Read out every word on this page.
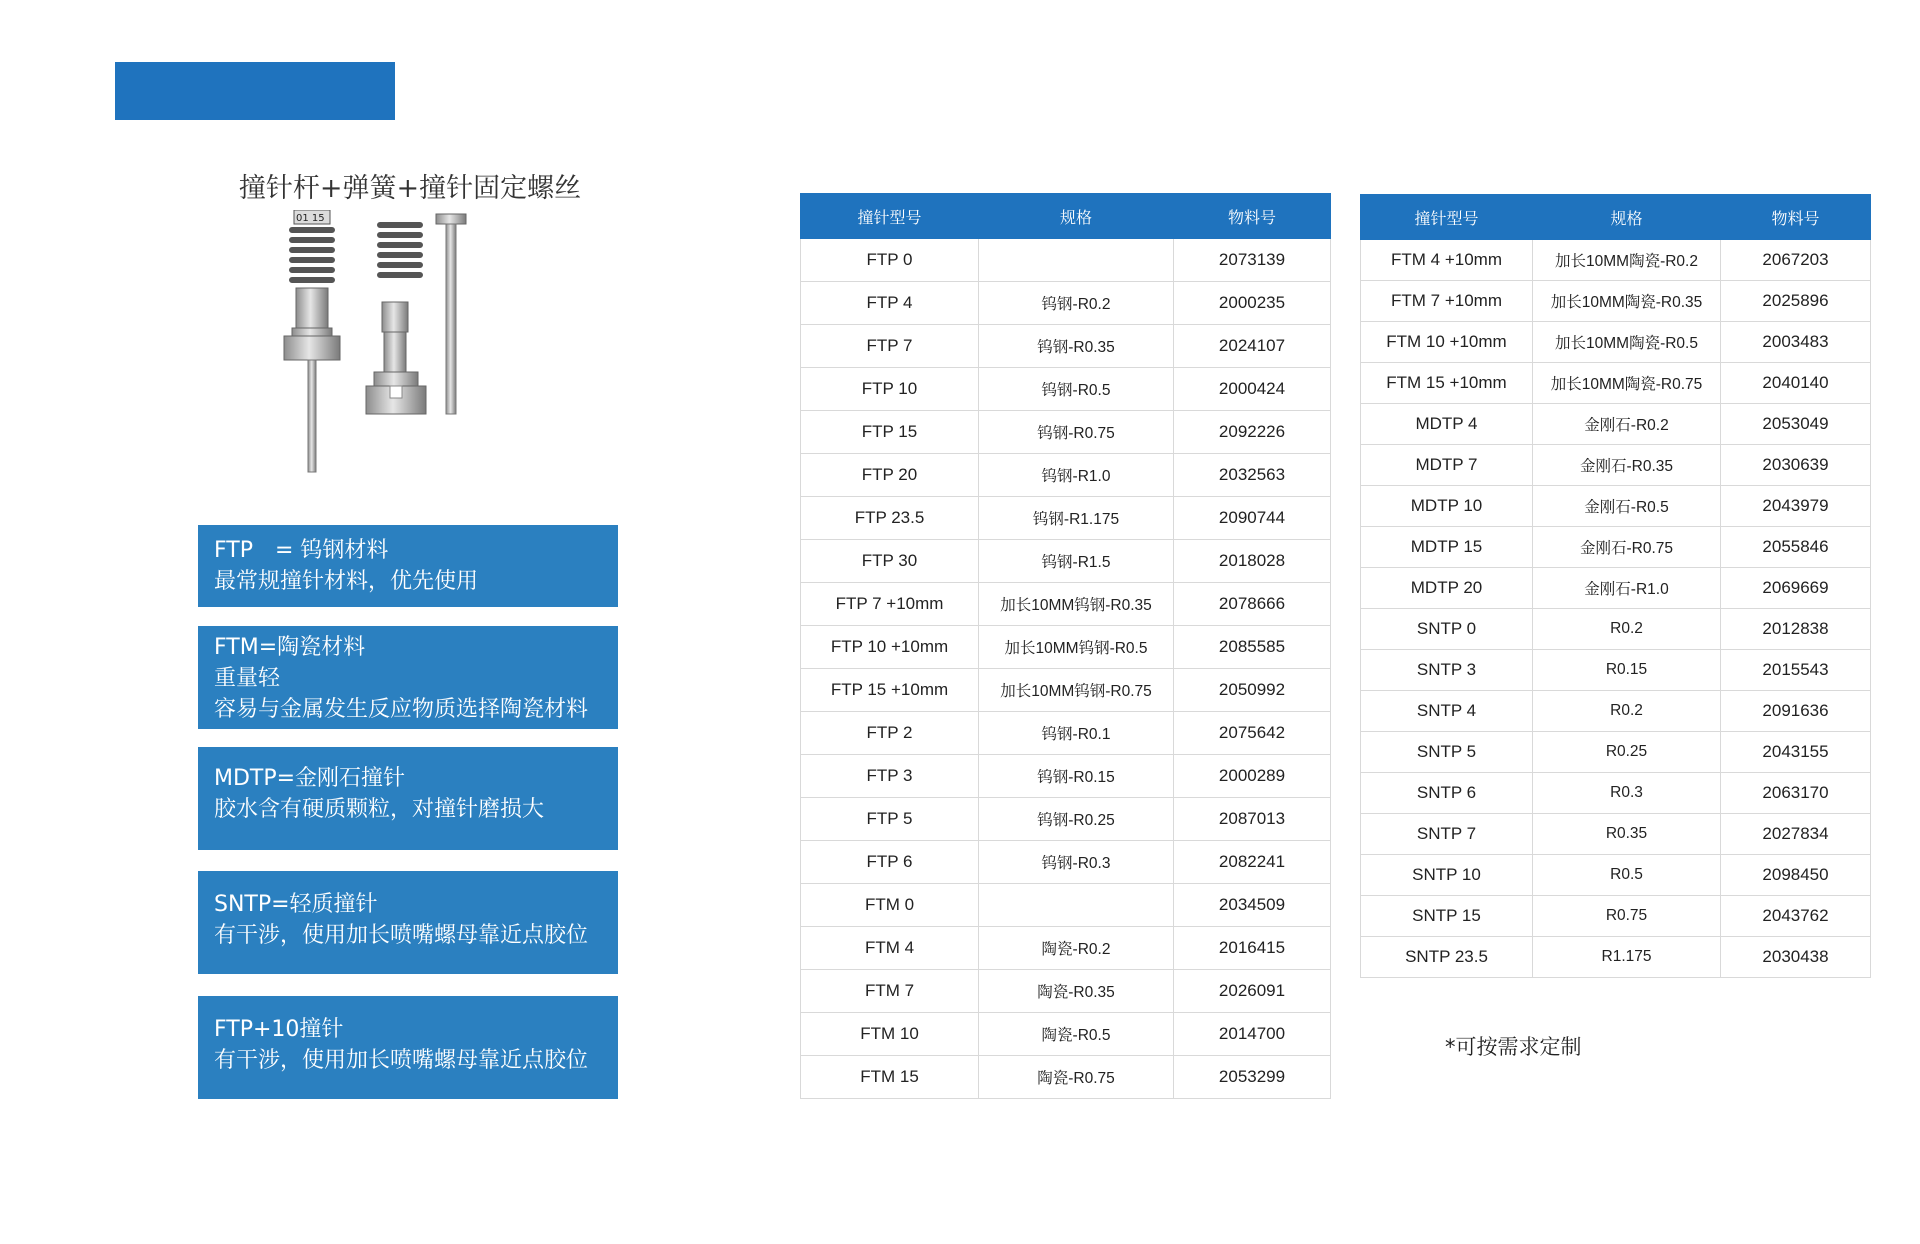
撞针杆+弹簧+撞针固定螺丝
01 15
FTP　= 钨钢材料
最常规撞针材料，优先使用
FTM=陶瓷材料
重量轻
容易与金属发生反应物质选择陶瓷材料
MDTP=金刚石撞针
胶水含有硬质颗粒，对撞针磨损大
SNTP=轻质撞针
有干涉，使用加长喷嘴螺母靠近点胶位
FTP+10撞针
有干涉，使用加长喷嘴螺母靠近点胶位
撞针型号	规格	物料号
FTP 0		2073139
FTP 4	钨钢-R0.2	2000235
FTP 7	钨钢-R0.35	2024107
FTP 10	钨钢-R0.5	2000424
FTP 15	钨钢-R0.75	2092226
FTP 20	钨钢-R1.0	2032563
FTP 23.5	钨钢-R1.175	2090744
FTP 30	钨钢-R1.5	2018028
FTP 7 +10mm	加长10MM钨钢-R0.35	2078666
FTP 10 +10mm	加长10MM钨钢-R0.5	2085585
FTP 15 +10mm	加长10MM钨钢-R0.75	2050992
FTP 2	钨钢-R0.1	2075642
FTP 3	钨钢-R0.15	2000289
FTP 5	钨钢-R0.25	2087013
FTP 6	钨钢-R0.3	2082241
FTM 0		2034509
FTM 4	陶瓷-R0.2	2016415
FTM 7	陶瓷-R0.35	2026091
FTM 10	陶瓷-R0.5	2014700
FTM 15	陶瓷-R0.75	2053299
撞针型号	规格	物料号
FTM 4 +10mm	加长10MM陶瓷-R0.2	2067203
FTM 7 +10mm	加长10MM陶瓷-R0.35	2025896
FTM 10 +10mm	加长10MM陶瓷-R0.5	2003483
FTM 15 +10mm	加长10MM陶瓷-R0.75	2040140
MDTP 4	金刚石-R0.2	2053049
MDTP 7	金刚石-R0.35	2030639
MDTP 10	金刚石-R0.5	2043979
MDTP 15	金刚石-R0.75	2055846
MDTP 20	金刚石-R1.0	2069669
SNTP 0	R0.2	2012838
SNTP 3	R0.15	2015543
SNTP 4	R0.2	2091636
SNTP 5	R0.25	2043155
SNTP 6	R0.3	2063170
SNTP 7	R0.35	2027834
SNTP 10	R0.5	2098450
SNTP 15	R0.75	2043762
SNTP 23.5	R1.175	2030438
*可按需求定制
